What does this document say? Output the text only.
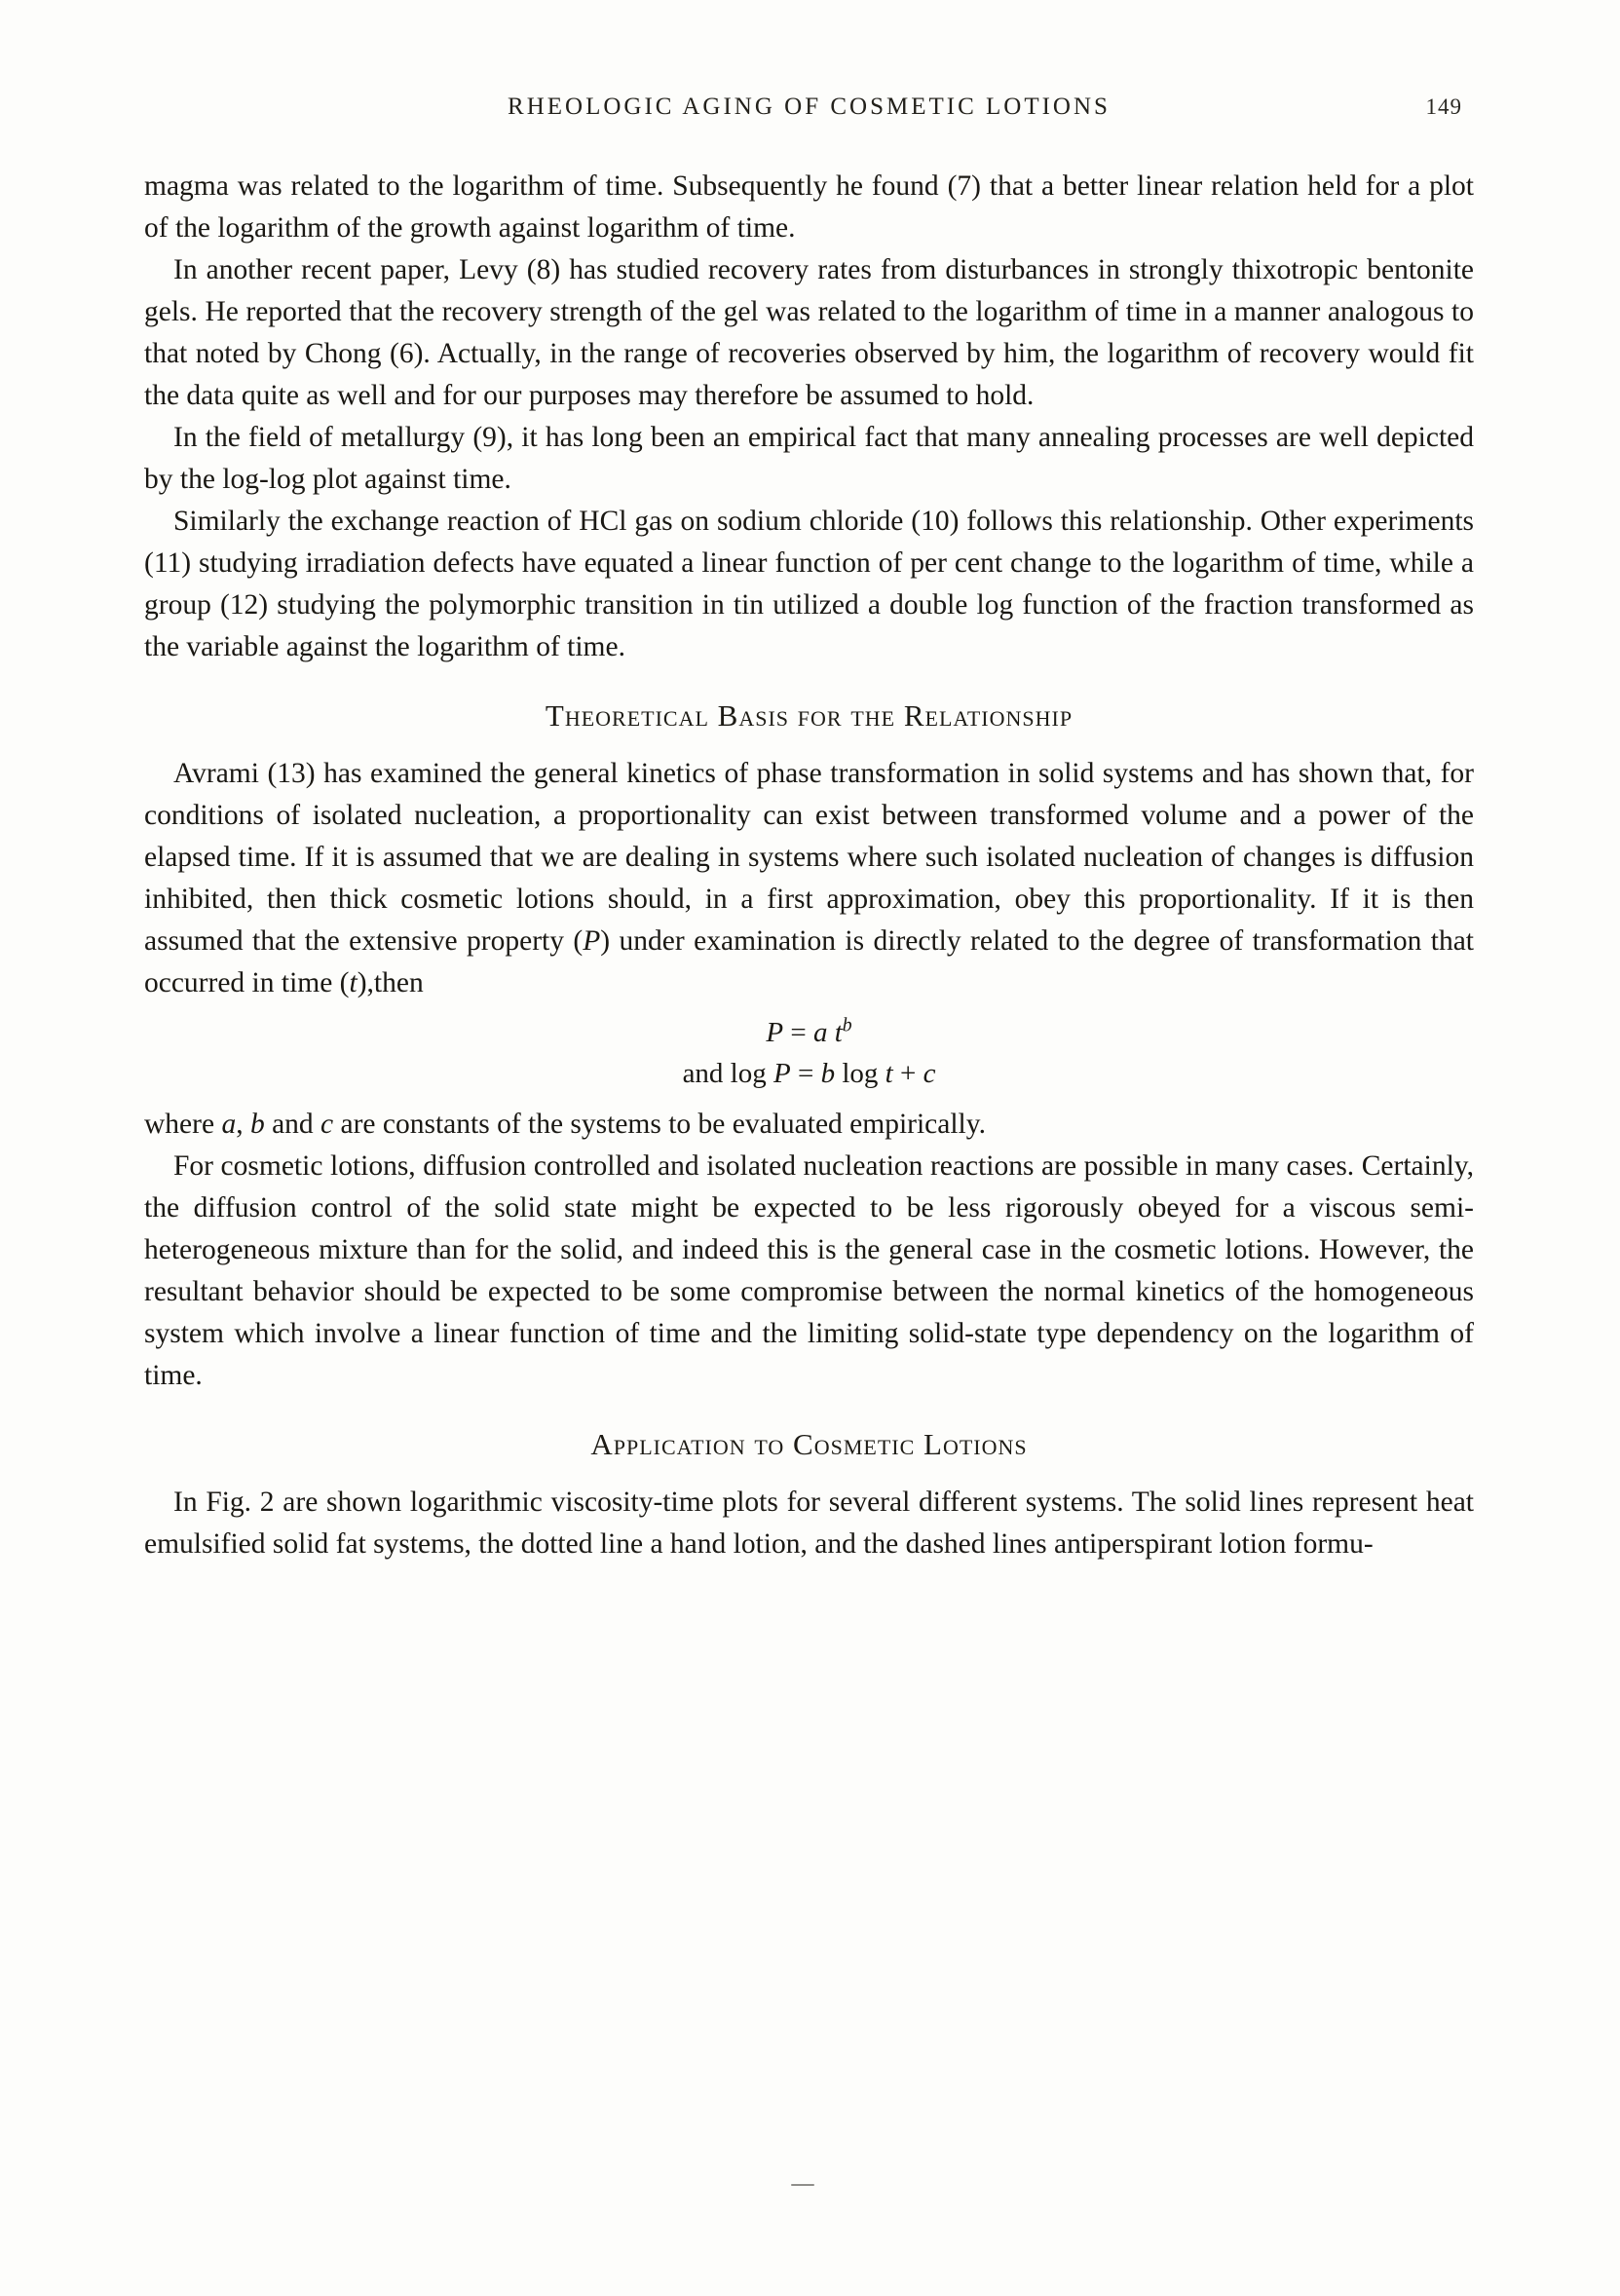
RHEOLOGIC AGING OF COSMETIC LOTIONS	149

magma was related to the logarithm of time. Subsequently he found (7) that a better linear relation held for a plot of the logarithm of the growth against logarithm of time.

In another recent paper, Levy (8) has studied recovery rates from disturbances in strongly thixotropic bentonite gels. He reported that the recovery strength of the gel was related to the logarithm of time in a manner analogous to that noted by Chong (6). Actually, in the range of recoveries observed by him, the logarithm of recovery would fit the data quite as well and for our purposes may therefore be assumed to hold.

In the field of metallurgy (9), it has long been an empirical fact that many annealing processes are well depicted by the log-log plot against time.

Similarly the exchange reaction of HCl gas on sodium chloride (10) follows this relationship. Other experiments (11) studying irradiation defects have equated a linear function of per cent change to the logarithm of time, while a group (12) studying the polymorphic transition in tin utilized a double log function of the fraction transformed as the variable against the logarithm of time.

Theoretical Basis for the Relationship

Avrami (13) has examined the general kinetics of phase transformation in solid systems and has shown that, for conditions of isolated nucleation, a proportionality can exist between transformed volume and a power of the elapsed time. If it is assumed that we are dealing in systems where such isolated nucleation of changes is diffusion inhibited, then thick cosmetic lotions should, in a first approximation, obey this proportionality. If it is then assumed that the extensive property (P) under examination is directly related to the degree of transformation that occurred in time (t),then

P = a $t^b$
and log P = b log t + c

where a, b and c are constants of the systems to be evaluated empirically.

For cosmetic lotions, diffusion controlled and isolated nucleation reactions are possible in many cases. Certainly, the diffusion control of the solid state might be expected to be less rigorously obeyed for a viscous semi-heterogeneous mixture than for the solid, and indeed this is the general case in the cosmetic lotions. However, the resultant behavior should be expected to be some compromise between the normal kinetics of the homogeneous system which involve a linear function of time and the limiting solid-state type dependency on the logarithm of time.

Application to Cosmetic Lotions

In Fig. 2 are shown logarithmic viscosity-time plots for several different systems. The solid lines represent heat emulsified solid fat systems, the dotted line a hand lotion, and the dashed lines antiperspirant lotion formu-
